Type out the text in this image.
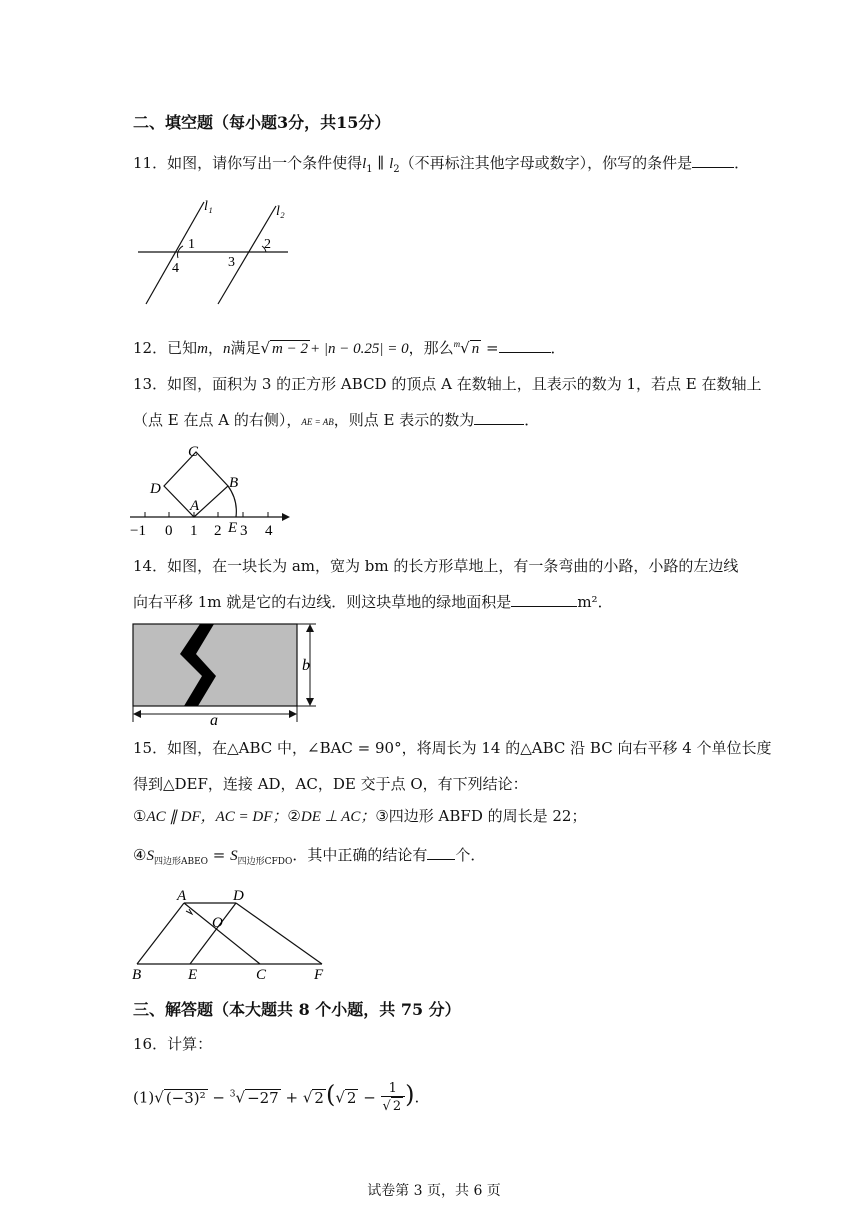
二、填空题（每小题3分，共15分）
11．如图，请你写出一个条件使得$l_1$ ∥ $l_2$（不再标注其他字母或数字），你写的条件是	．
l₁	l₂
1	2
3
4
12．已知m，n满足√ m − 2 + |n − 0.25| = 0，那么$^m$√ n =	．
13．如图，面积为 3 的正方形 ABCD 的顶点 A 在数轴上，且表示的数为 1，若点 E 在数轴上
（点 E 在点 A 的右侧），AE = AB，则点 E 表示的数为	．
C
D	B
A
E
−1 0 1 2 3 4
14．如图，在一块长为 am，宽为 bm 的长方形草地上，有一条弯曲的小路，小路的左边线
向右平移 1m 就是它的右边线．则这块草地的绿地面积是	m²．
b
a
15．如图，在△ABC 中，∠BAC = 90°，将周长为 14 的△ABC 沿 BC 向右平移 4 个单位长度
得到△DEF，连接 AD，AC，DE 交于点 O，有下列结论：
①AC ∥ DF，AC = DF；②DE ⊥ AC；③四边形 ABFD 的周长是 22；
$④S_{四边形ABEO} = S_{四边形CFDO}$．其中正确的结论有 个．
A	D
O
B	E	C	F
三、解答题（本大题共 8 个小题，共 75 分）
16．计算：
(1)√ (−3)² − $^3$√ −27 + √ 2(√ $2 - \frac{1}{√ 2}$ ).
试卷第 3 页，共 6 页
